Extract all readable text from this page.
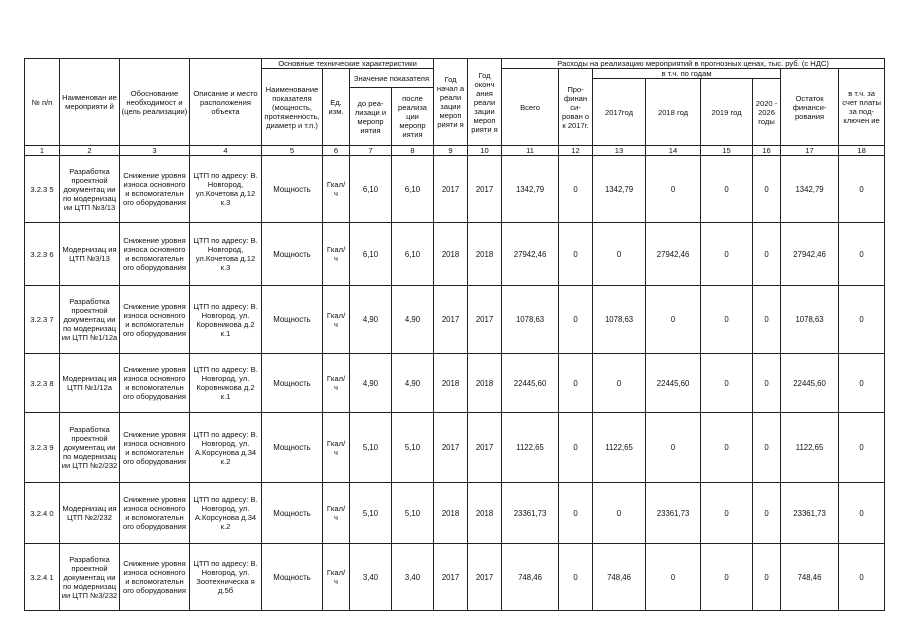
№ п/п	Наименован ие мероприяти й	Обоснование необходимост и (цель реализации)	Описание и место расположения объекта	Основные технические характеристики				Год начал а реали зации мероп рияти я	Год оконч ания реали зации мероп рияти я	Расходы на реализацию мероприятий в прогнозных ценах, тыс. руб. (с НДС)							
				Наименование показателя (мощность, протяженность, диаметр и т.п.)	Ед. изм.	Значение показателя				Всего	Про- финан си- рован о к 2017г.	в т.ч. по годам				Остаток финанси- рования	в т.ч. за счет платы за под- ключен ие
												2017год	2018 год	2019 год	2020 - 2026 годы		
						до реа- лизаци и меропр иятия	после реализа ции меропр иятия										
1	2	3	4	5	6	7	8	9	10	11	12	13	14	15	16	17	18
3.2.3 5	Разработка проектной документац ии по модернизац ии ЦТП №3/13	Снижение уровня износа основного и вспомогательн ого оборудования	ЦТП по адресу: В. Новгород, ул.Кочетова д.12 к.3	Мощность	Гкал/ ч	6,10	6,10	2017	2017	1342,79	0	1342,79	0	0	0	1342,79	0
3.2.3 6	Модернизац ия ЦТП №3/13	Снижение уровня износа основного и вспомогательн ого оборудования	ЦТП по адресу: В. Новгород, ул.Кочетова д.12 к.3	Мощность	Гкал/ ч	6,10	6,10	2018	2018	27942,46	0	0	27942,46	0	0	27942,46	0
3.2.3 7	Разработка проектной документац ии по модернизац ии ЦТП №1/12а	Снижение уровня износа основного и вспомогательн ого оборудования	ЦТП по адресу: В. Новгород, ул. Коровникова д.2 к.1	Мощность	Гкал/ ч	4,90	4,90	2017	2017	1078,63	0	1078,63	0	0	0	1078,63	0
3.2.3 8	Модернизац ия ЦТП №1/12а	Снижение уровня износа основного и вспомогательн ого оборудования	ЦТП по адресу: В. Новгород, ул. Коровникова д.2 к.1	Мощность	Гкал/ ч	4,90	4,90	2018	2018	22445,60	0	0	22445,60	0	0	22445,60	0
3.2.3 9	Разработка проектной документац ии по модернизац ии ЦТП №2/232	Снижение уровня износа основного и вспомогательн ого оборудования	ЦТП по адресу: В. Новгород, ул. А.Корсунова д.34 к.2	Мощность	Гкал/ ч	5,10	5,10	2017	2017	1122,65	0	1122,65	0	0	0	1122,65	0
3.2.4 0	Модернизац ия ЦТП №2/232	Снижение уровня износа основного и вспомогательн ого оборудования	ЦТП по адресу: В. Новгород, ул. А.Корсунова д.34 к.2	Мощность	Гкал/ ч	5,10	5,10	2018	2018	23361,73	0	0	23361,73	0	0	23361,73	0
3.2.4 1	Разработка проектной документац ии по модернизац ии ЦТП №3/232	Снижение уровня износа основного и вспомогательн ого оборудования	ЦТП по адресу: В. Новгород, ул. Зоотехническа я д.5б	Мощность	Гкал/ ч	3,40	3,40	2017	2017	748,46	0	748,46	0	0	0	748,46	0
